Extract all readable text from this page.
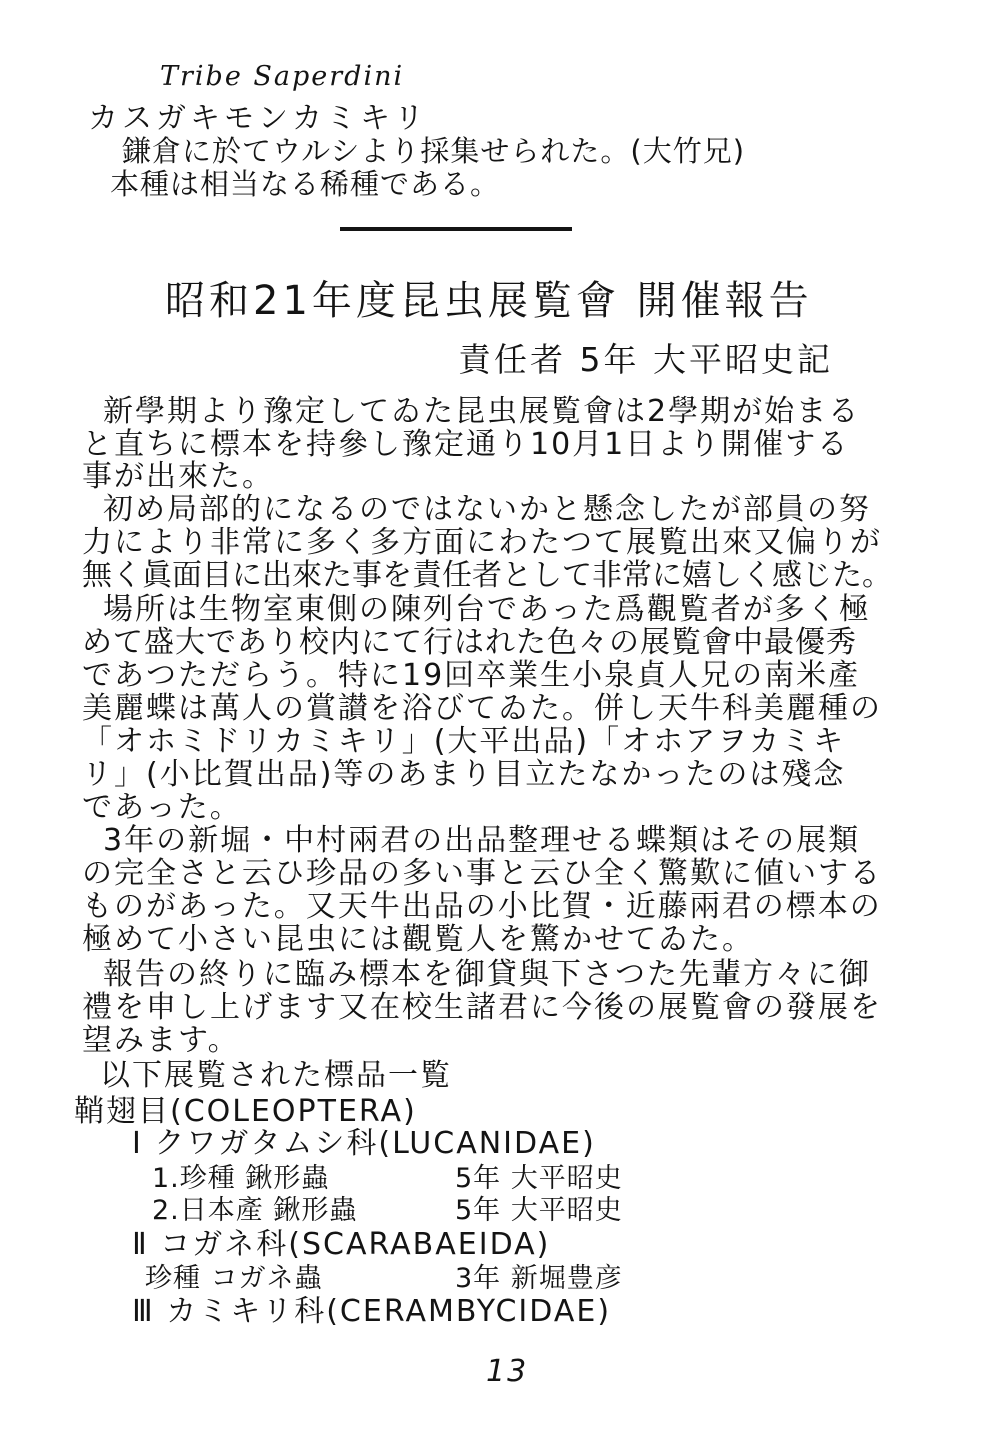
Tribe Saperdini
カスガキモンカミキリ
鎌倉に於てウルシより採集せられた。(大竹兄)
本種は相当なる稀種である。
昭和21年度昆虫展覧會 開催報告
責任者 5年 大平昭史記
新學期より豫定してゐた昆虫展覧會は2學期が始まる
と直ちに標本を持參し豫定通り10月1日より開催する
事が出來た。
初め局部的になるのではないかと懸念したが部員の努
力により非常に多く多方面にわたつて展覧出來又偏りが
無く眞面目に出來た事を責任者として非常に嬉しく感じた。
場所は生物室東側の陳列台であった爲觀覧者が多く極
めて盛大であり校内にて行はれた色々の展覧會中最優秀
であつただらう。特に19回卒業生小泉貞人兄の南米產
美麗蝶は萬人の賞讃を浴びてゐた。併し天牛科美麗種の
「オホミドリカミキリ」(大平出品)「オホアヲカミキ
リ」(小比賀出品)等のあまり目立たなかったのは殘念
であった。
3年の新堀・中村兩君の出品整理せる蝶類はその展類
の完全さと云ひ珍品の多い事と云ひ全く驚歎に値いする
ものがあった。又天牛出品の小比賀・近藤兩君の標本の
極めて小さい昆虫には觀覧人を驚かせてゐた。
報告の終りに臨み標本を御貸與下さつた先輩方々に御
禮を申し上げます又在校生諸君に今後の展覧會の發展を
望みます。
以下展覧された標品一覧
鞘翅目(COLEOPTERA)
Ⅰ クワガタムシ科(LUCANIDAE)
1.珍種 鍬形蟲	5年 大平昭史
2.日本產 鍬形蟲	5年 大平昭史
Ⅱ コガネ科(SCARABAEIDA)
珍種 コガネ蟲	3年 新堀豊彦
Ⅲ カミキリ科(CERAMBYCIDAE)
13
